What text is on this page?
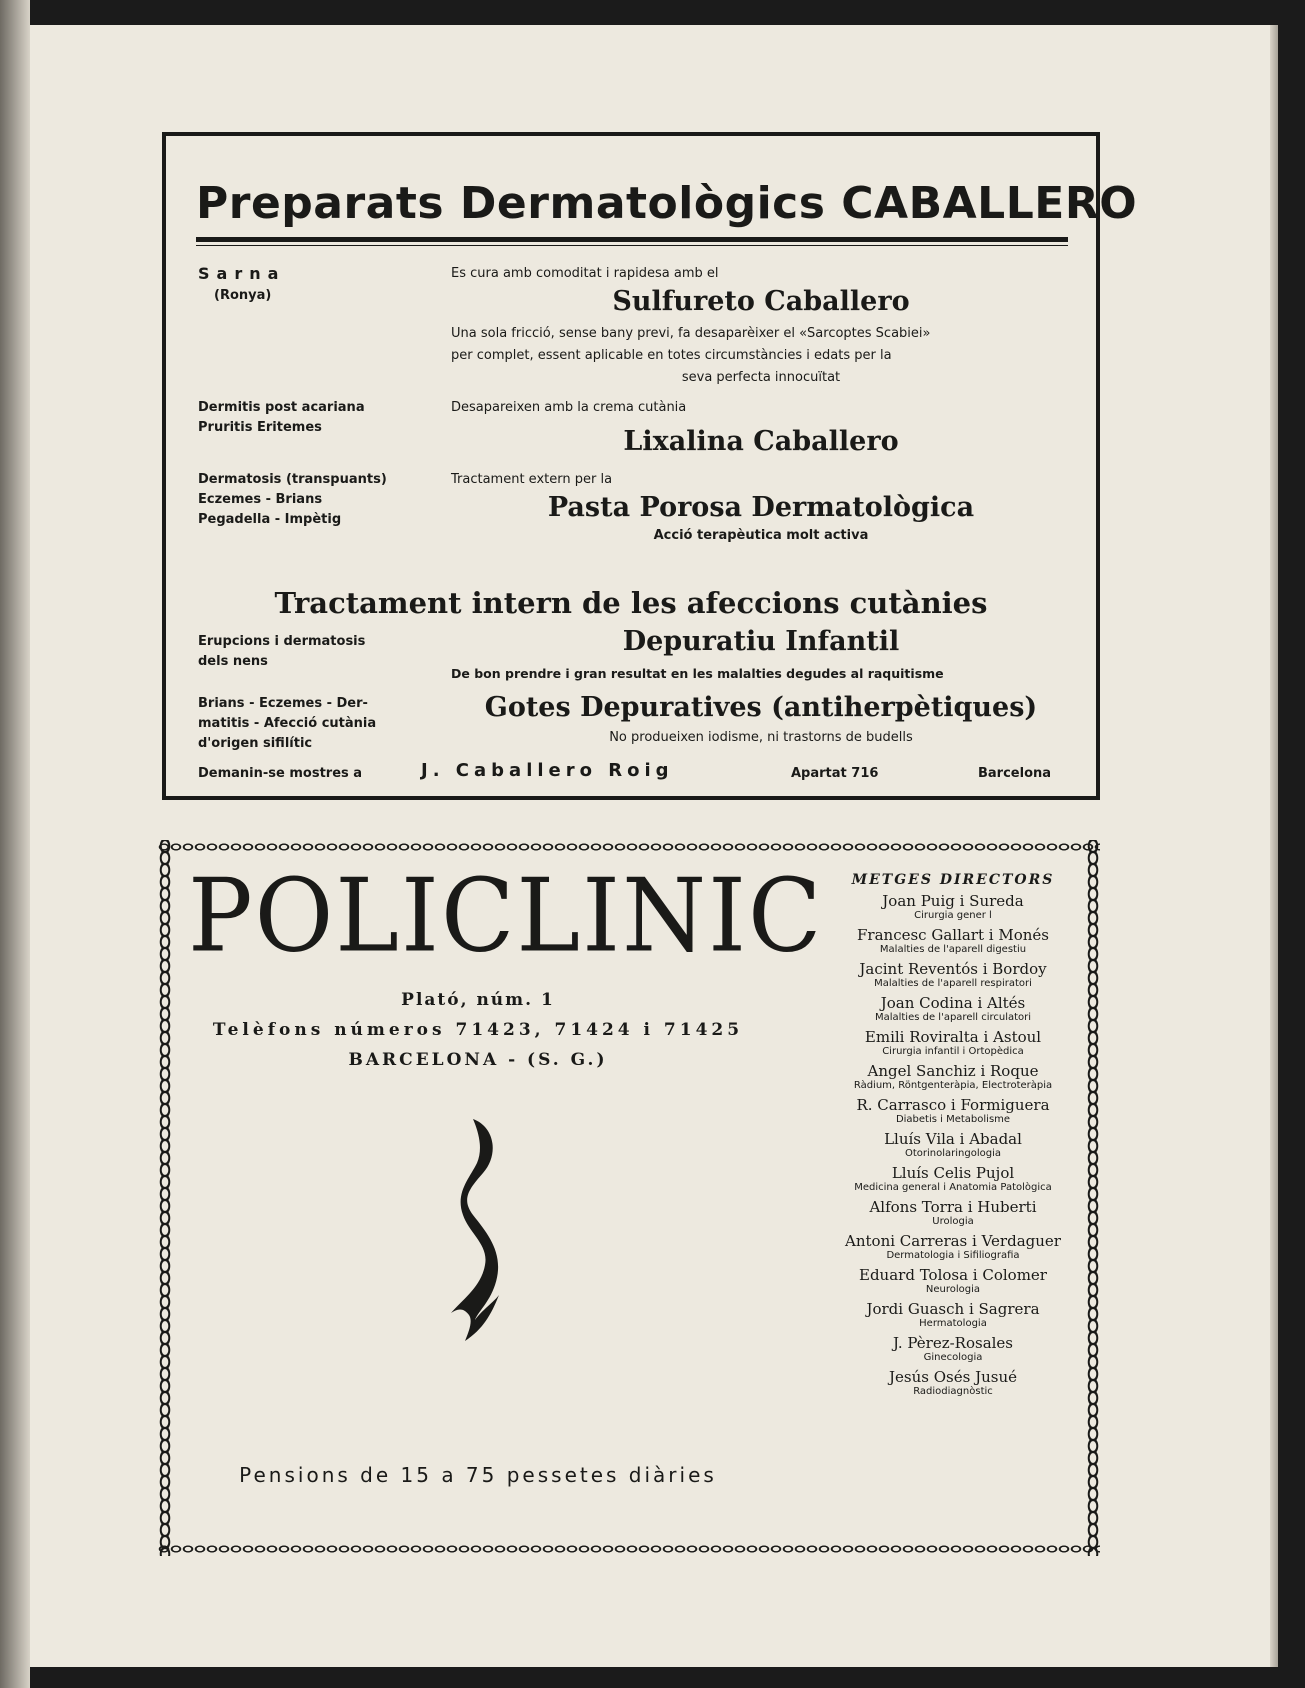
Preparats Dermatològics CABALLERO
Sarna
(Ronya)
Es cura amb comoditat i rapidesa amb el
Sulfureto Caballero
Una sola fricció, sense bany previ, fa desaparèixer el «Sarcoptes Scabiei»
per complet, essent aplicable en totes circumstàncies i edats per la
seva perfecta innocuïtat
Dermitis post acariana
Pruritis Eritemes
Desapareixen amb la crema cutània
Lixalina Caballero
Dermatosis (transpuants)
Eczemes - Brians
Pegadella - Impètig
Tractament extern per la
Pasta Porosa Dermatològica
Acció terapèutica molt activa
Tractament intern de les afeccions cutànies
Erupcions i dermatosis
dels nens
Depuratiu Infantil
De bon prendre i gran resultat en les malalties degudes al raquitisme
Brians - Eczemes - Der-
matitis - Afecció cutània
d'origen sifilític
Gotes Depuratives (antiherpètiques)
No produeixen iodisme, ni trastorns de budells
Demanin-se mostres a	J. Caballero Roig	Apartat 716	Barcelona
POLICLINIC
Plató, núm. 1
Telèfons números 71423, 71424 i 71425
BARCELONA - (S. G.)
Pensions de 15 a 75 pessetes diàries
METGES DIRECTORS
Joan Puig i Sureda
Cirurgia gener l
Francesc Gallart i Monés
Malalties de l'aparell digestiu
Jacint Reventós i Bordoy
Malalties de l'aparell respiratori
Joan Codina i Altés
Malalties de l'aparell circulatori
Emili Roviralta i Astoul
Cirurgia infantil i Ortopèdica
Angel Sanchiz i Roque
Ràdium, Röntgenteràpia, Electroteràpia
R. Carrasco i Formiguera
Diabetis i Metabolisme
Lluís Vila i Abadal
Otorinolaringologia
Lluís Celis Pujol
Medicina general i Anatomia Patològica
Alfons Torra i Huberti
Urologia
Antoni Carreras i Verdaguer
Dermatologia i Sifiliografia
Eduard Tolosa i Colomer
Neurologia
Jordi Guasch i Sagrera
Hermatologia
J. Pèrez-Rosales
Ginecologia
Jesús Osés Jusué
Radiodiagnòstic
